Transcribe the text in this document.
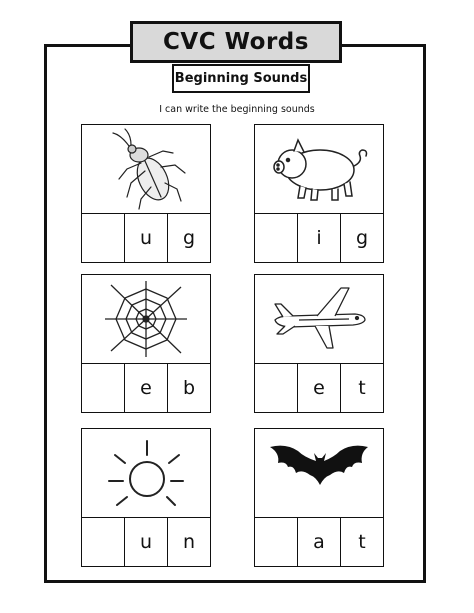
CVC Words
Beginning Sounds
I can write the beginning sounds
u	g	i	g
e	b	e	t
u	n	a	t
